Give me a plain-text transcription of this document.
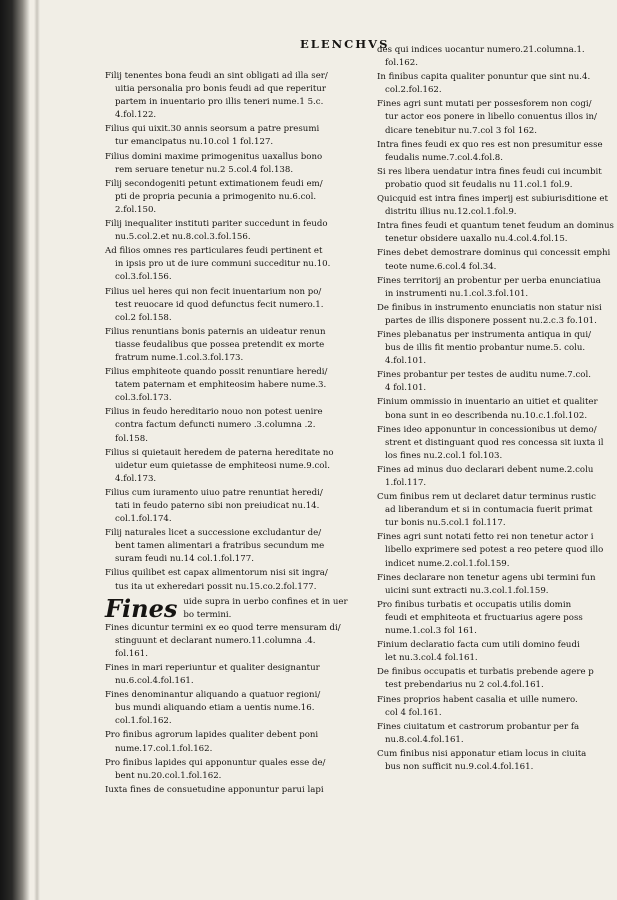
ELENCHVS
Filij tenentes bona feudi an sint obligati ad illa ser/
uitia personalia pro bonis feudi ad que reperitur
partem in inuentario pro illis teneri nume.1 5.c.
4.fol.122.
Filius qui uixit.30 annis seorsum a patre presumi
tur emancipatus nu.10.col 1 fol.127.
Filius domini maxime primogenitus uaxallus bono
rem seruare tenetur nu.2 5.col.4 fol.138.
Filij secondogeniti petunt extimationem feudi em/
pti de propria pecunia a primogenito nu.6.col.
2.fol.150.
Filij inequaliter instituti pariter succedunt in feudo
nu.5.col.2.et nu.8.col.3.fol.156.
Ad filios omnes res particulares feudi pertinent et
in ipsis pro ut de iure communi succeditur nu.10.
col.3.fol.156.
Filius uel heres qui non fecit inuentarium non po/
test reuocare id quod defunctus fecit numero.1.
col.2 fol.158.
Filius renuntians bonis paternis an uideatur renun
tiasse feudalibus que possea pretendit ex morte
fratrum nume.1.col.3.fol.173.
Filius emphiteote quando possit renuntiare heredi/
tatem paternam et emphiteosim habere nume.3.
col.3.fol.173.
Filius in feudo hereditario nouo non potest uenire
contra factum defuncti numero .3.columna .2.
fol.158.
Filius si quietauit heredem de paterna hereditate no
uidetur eum quietasse de emphiteosi nume.9.col.
4.fol.173.
Filius cum iuramento uiuo patre renuntiat heredi/
tati in feudo paterno sibi non preiudicat nu.14.
col.1.fol.174.
Filij naturales licet a successione excludantur de/
bent tamen alimentari a fratribus secundum me
suram feudi nu.14 col.1.fol.177.
Filius quilibet est capax alimentorum nisi sit ingra/
tus ita ut exheredari possit nu.15.co.2.fol.177.
Fines uide supra in uerbo confines et in uer
bo termini.
Fines dicuntur termini ex eo quod terre mensuram di/
stinguunt et declarant numero.11.columna .4.
fol.161.
Fines in mari reperiuntur et qualiter designantur
nu.6.col.4.fol.161.
Fines denominantur aliquando a quatuor regioni/
bus mundi aliquando etiam a uentis nume.16.
col.1.fol.162.
Pro finibus agrorum lapides qualiter debent poni
nume.17.col.1.fol.162.
Pro finibus lapides qui apponuntur quales esse de/
bent nu.20.col.1.fol.162.
Iuxta fines de consuetudine apponuntur parui lapi
des qui indices uocantur numero.21.columna.1.
fol.162.
In finibus capita qualiter ponuntur que sint nu.4.
col.2.fol.162.
Fines agri sunt mutati per possesforem non cogi/
tur actor eos ponere in libello conuentus illos in/
dicare tenebitur nu.7.col 3 fol 162.
Intra fines feudi ex quo res est non presumitur esse
feudalis nume.7.col.4.fol.8.
Si res libera uendatur intra fines feudi cui incumbit
probatio quod sit feudalis nu 11.col.1 fol.9.
Quicquid est intra fines imperij est subiurisditione et
distritu illius nu.12.col.1.fol.9.
Intra fines feudi et quantum tenet feudum an dominus
tenetur obsidere uaxallo nu.4.col.4.fol.15.
Fines debet demostrare dominus qui concessit emphi
teote nume.6.col.4 fol.34.
Fines territorij an probentur per uerba enunciatiua
in instrumenti nu.1.col.3.fol.101.
De finibus in instrumento enunciatis non statur nisi
partes de illis disponere possent nu.2.c.3 fo.101.
Fines plebanatus per instrumenta antiqua in qui/
bus de illis fit mentio probantur nume.5. colu.
4.fol.101.
Fines probantur per testes de auditu nume.7.col.
4 fol.101.
Finium ommissio in inuentario an uitiet et qualiter
bona sunt in eo describenda nu.10.c.1.fol.102.
Fines ideo apponuntur in concessionibus ut demo/
strent et distinguant quod res concessa sit iuxta il
los fines nu.2.col.1 fol.103.
Fines ad minus duo declarari debent nume.2.colu
1.fol.117.
Cum finibus rem ut declaret datur terminus rustic
ad liberandum et si in contumacia fuerit primat
tur bonis nu.5.col.1 fol.117.
Fines agri sunt notati fetto rei non tenetur actor i
libello exprimere sed potest a reo petere quod illo
indicet nume.2.col.1.fol.159.
Fines declarare non tenetur agens ubi termini fun
uicini sunt extracti nu.3.col.1.fol.159.
Pro finibus turbatis et occupatis utilis domin
feudi et emphiteota et fructuarius agere poss
nume.1.col.3 fol 161.
Finium declaratio facta cum utili domino feudi
let nu.3.col.4 fol.161.
De finibus occupatis et turbatis prebende agere p
test prebendarius nu 2 col.4.fol.161.
Fines proprios habent casalia et uille numero.
col 4 fol.161.
Fines ciuitatum et castrorum probantur per fa
nu.8.col.4.fol.161.
Cum finibus nisi apponatur etiam locus in ciuita
bus non sufficit nu.9.col.4.fol.161.
